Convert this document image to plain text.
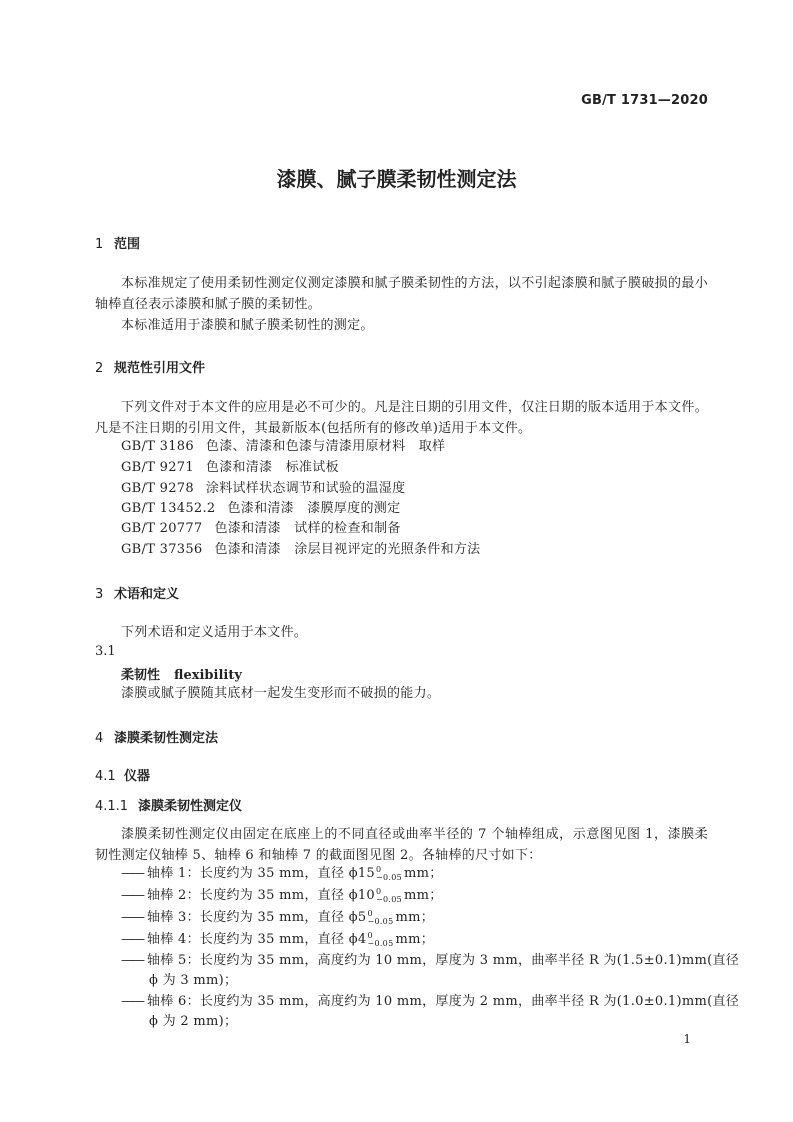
GB/T 1731—2020
漆膜、腻子膜柔韧性测定法
1 范围
本标准规定了使用柔韧性测定仪测定漆膜和腻子膜柔韧性的方法，以不引起漆膜和腻子膜破损的最小轴棒直径表示漆膜和腻子膜的柔韧性。
本标准适用于漆膜和腻子膜柔韧性的测定。
2 规范性引用文件
下列文件对于本文件的应用是必不可少的。凡是注日期的引用文件，仅注日期的版本适用于本文件。凡是不注日期的引用文件，其最新版本(包括所有的修改单)适用于本文件。
GB/T 3186 色漆、清漆和色漆与清漆用原材料　取样
GB/T 9271 色漆和清漆　标准试板
GB/T 9278 涂料试样状态调节和试验的温湿度
GB/T 13452.2 色漆和清漆　漆膜厚度的测定
GB/T 20777 色漆和清漆　试样的检查和制备
GB/T 37356 色漆和清漆　涂层目视评定的光照条件和方法
3 术语和定义
下列术语和定义适用于本文件。
3.1
柔韧性 flexibility
漆膜或腻子膜随其底材一起发生变形而不破损的能力。
4 漆膜柔韧性测定法
4.1 仪器
4.1.1 漆膜柔韧性测定仪
漆膜柔韧性测定仪由固定在底座上的不同直径或曲率半径的 7 个轴棒组成，示意图见图 1，漆膜柔韧性测定仪轴棒 5、轴棒 6 和轴棒 7 的截面图见图 2。各轴棒的尺寸如下：
—— 轴棒 1：长度约为 35 mm，直径 ϕ15 0
−0.05 mm；
—— 轴棒 2：长度约为 35 mm，直径 ϕ10 0
−0.05 mm；
—— 轴棒 3：长度约为 35 mm，直径 ϕ5 0
−0.05 mm；
—— 轴棒 4：长度约为 35 mm，直径 ϕ4 0
−0.05 mm；
—— 轴棒 5：长度约为 35 mm，高度约为 10 mm，厚度为 3 mm，曲率半径 R 为(1.5±0.1)mm(直径
ϕ 为 3 mm)；
—— 轴棒 6：长度约为 35 mm，高度约为 10 mm，厚度为 2 mm，曲率半径 R 为(1.0±0.1)mm(直径
ϕ 为 2 mm)；
1
